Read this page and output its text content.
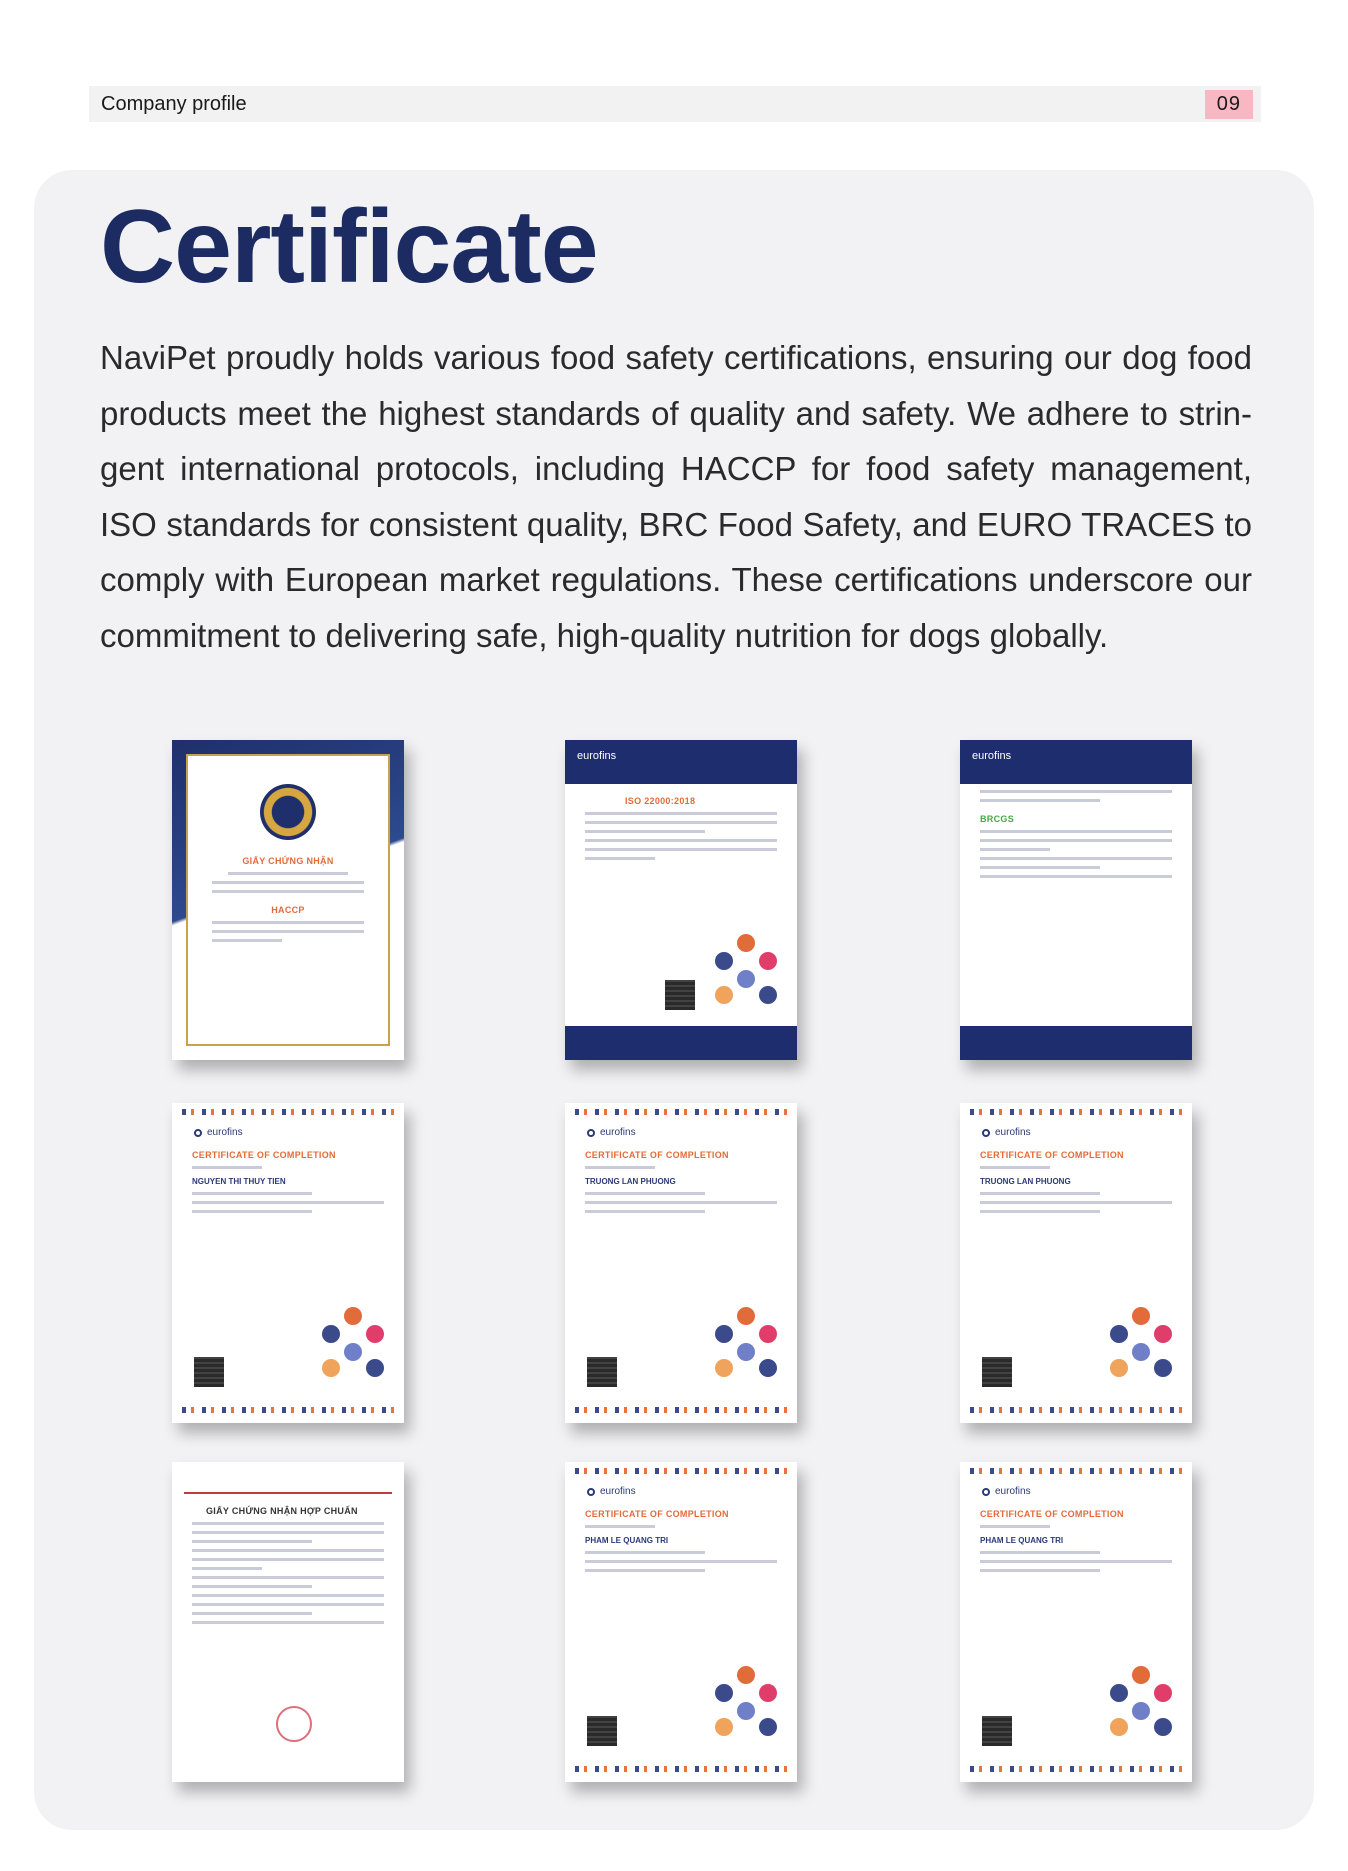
Company profile	09
Certificate

NaviPet proudly holds various food safety certifications, ensuring our dog food products meet the highest standards of quality and safety. We adhere to strin-gent international protocols, including HACCP for food safety management, ISO standards for consistent quality, BRC Food Safety, and EURO TRACES to comply with European market regulations. These certifications underscore our commitment to delivering safe, high-quality nutrition for dogs globally.

GIẤY CHỨNG NHẬN
HACCP
eurofins
ISO 22000:2018
eurofins
BRCGS
eurofins
CERTIFICATE OF COMPLETION
NGUYEN THI THUY TIEN
eurofins
CERTIFICATE OF COMPLETION
TRUONG LAN PHUONG
eurofins
CERTIFICATE OF COMPLETION
TRUONG LAN PHUONG
GIẤY CHỨNG NHẬN HỢP CHUẨN
eurofins
CERTIFICATE OF COMPLETION
PHAM LE QUANG TRI
eurofins
CERTIFICATE OF COMPLETION
PHAM LE QUANG TRI
